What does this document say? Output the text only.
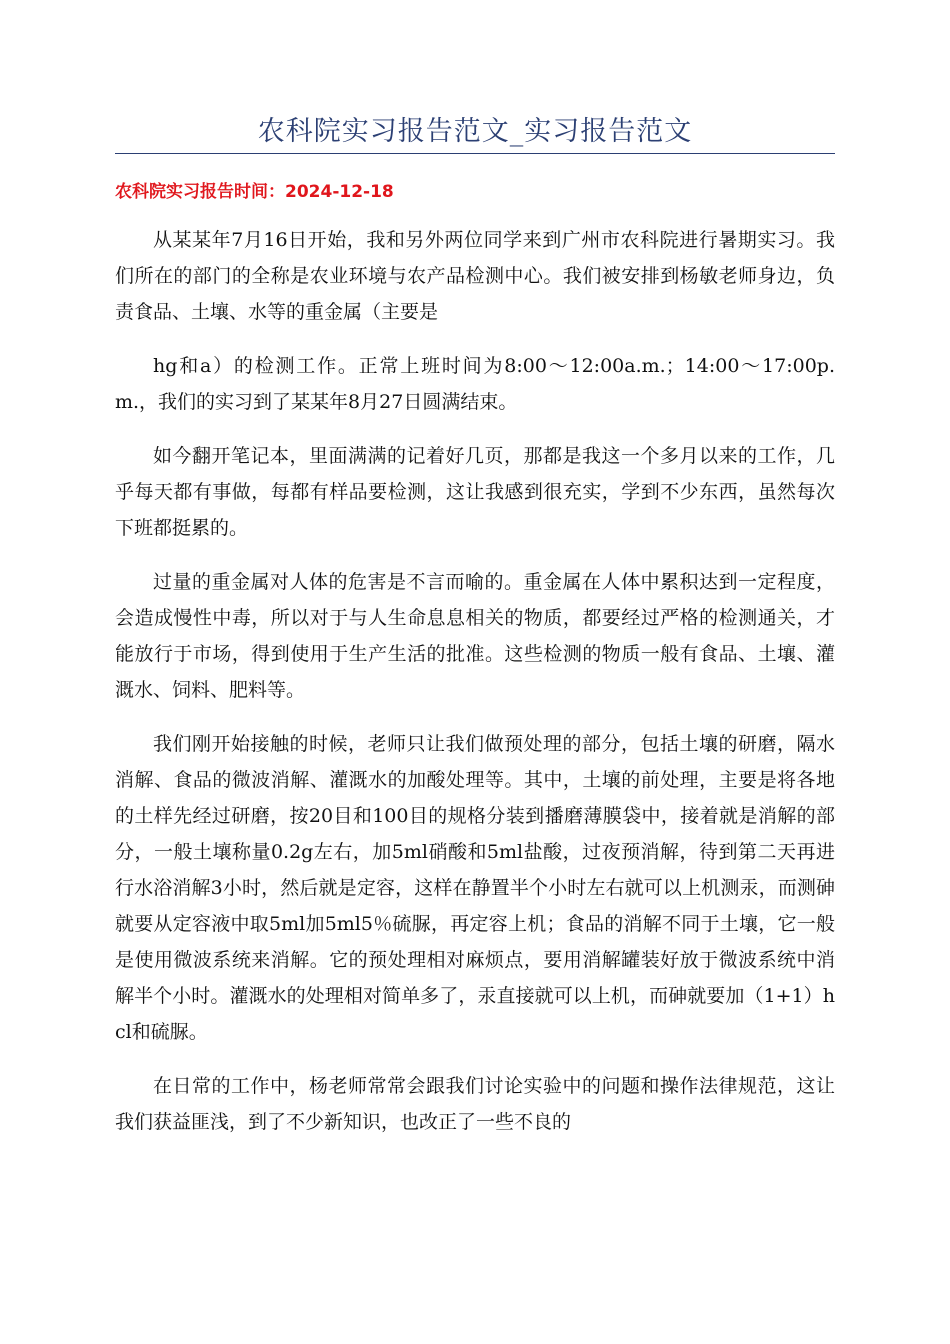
农科院实习报告范文_实习报告范文
农科院实习报告时间：2024-12-18

从某某年7月16日开始，我和另外两位同学来到广州市农科院进行暑期实习。我们所在的部门的全称是农业环境与农产品检测中心。我们被安排到杨敏老师身边，负责食品、土壤、水等的重金属（主要是

hg和a）的检测工作。正常上班时间为8:00～12:00a.m.；14:00～17:00p.m.，我们的实习到了某某年8月27日圆满结束。

如今翻开笔记本，里面满满的记着好几页，那都是我这一个多月以来的工作，几乎每天都有事做，每都有样品要检测，这让我感到很充实，学到不少东西，虽然每次下班都挺累的。

过量的重金属对人体的危害是不言而喻的。重金属在人体中累积达到一定程度，会造成慢性中毒，所以对于与人生命息息相关的物质，都要经过严格的检测通关，才能放行于市场，得到使用于生产生活的批准。这些检测的物质一般有食品、土壤、灌溉水、饲料、肥料等。

我们刚开始接触的时候，老师只让我们做预处理的部分，包括土壤的研磨，隔水消解、食品的微波消解、灌溉水的加酸处理等。其中，土壤的前处理，主要是将各地的土样先经过研磨，按20目和100目的规格分装到播磨薄膜袋中，接着就是消解的部分，一般土壤称量0.2g左右，加5ml硝酸和5ml盐酸，过夜预消解，待到第二天再进行水浴消解3小时，然后就是定容，这样在静置半个小时左右就可以上机测汞，而测砷就要从定容液中取5ml加5ml5％硫脲，再定容上机；食品的消解不同于土壤，它一般是使用微波系统来消解。它的预处理相对麻烦点，要用消解罐装好放于微波系统中消解半个小时。灌溉水的处理相对简单多了，汞直接就可以上机，而砷就要加（1+1）hcl和硫脲。

在日常的工作中，杨老师常常会跟我们讨论实验中的问题和操作法律规范，这让我们获益匪浅，到了不少新知识，也改正了一些不良的
